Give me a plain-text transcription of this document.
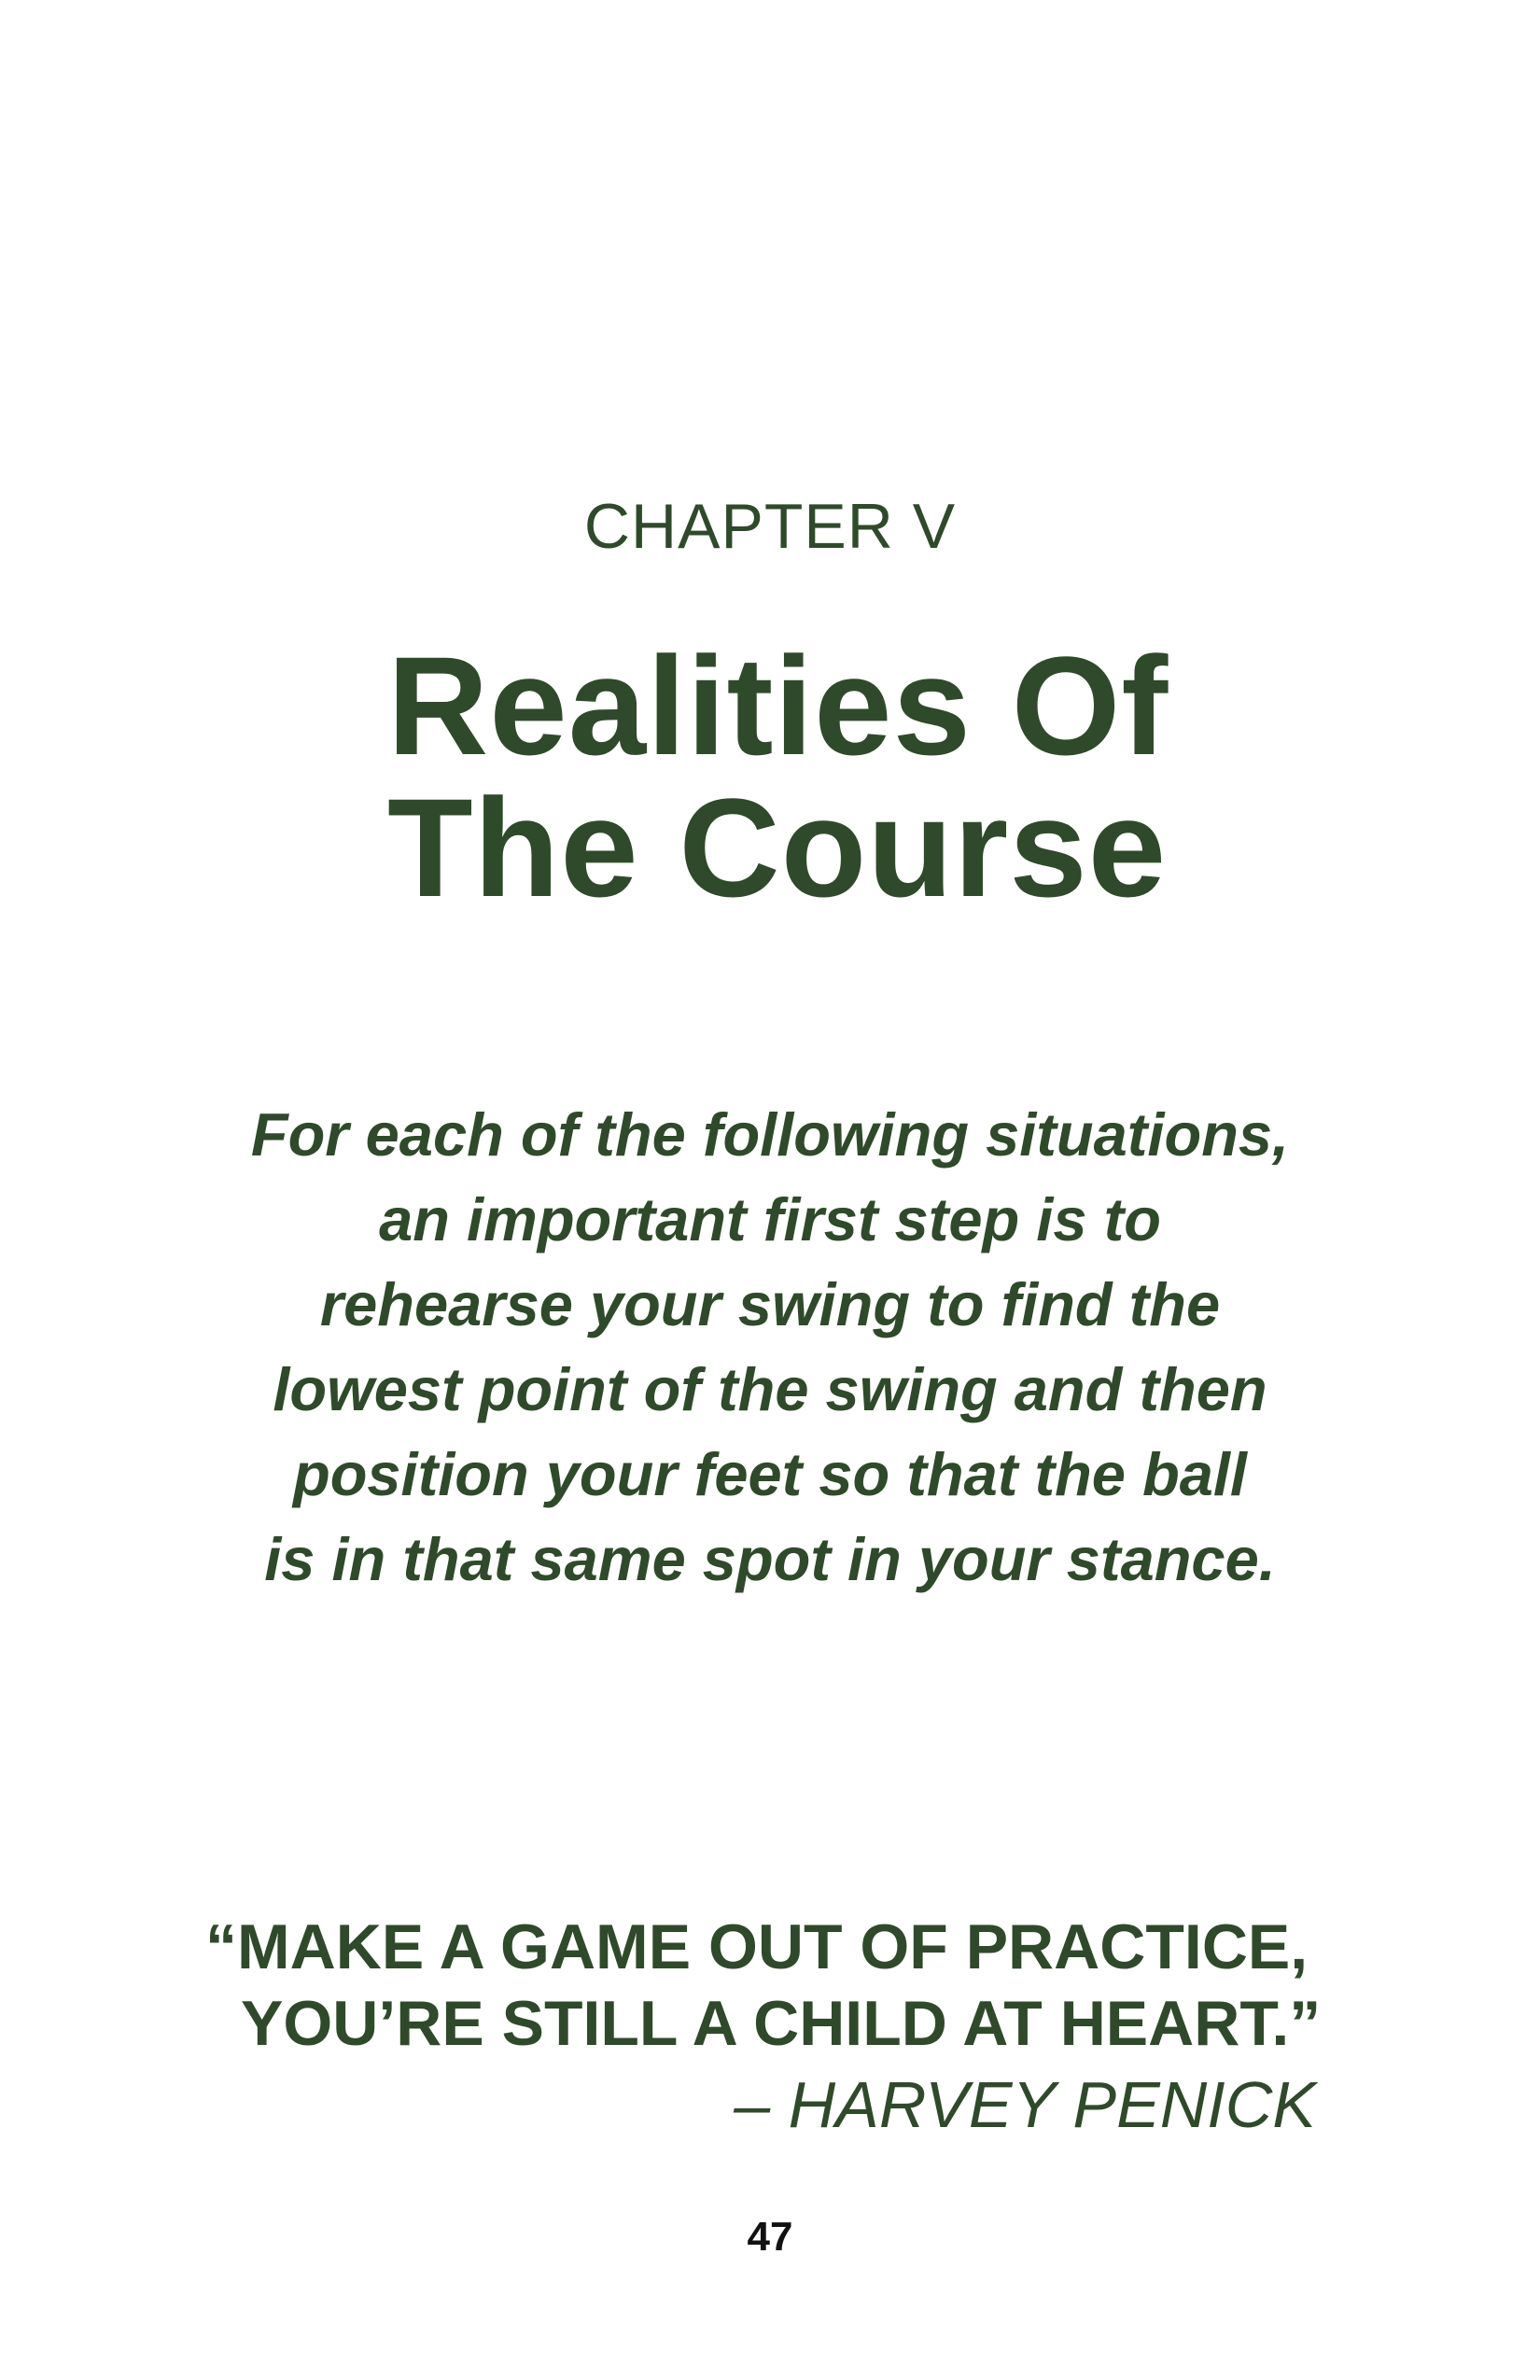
CHAPTER V
Realities Of
The Course
For each of the following situations,
an important first step is to
rehearse your swing to find the
lowest point of the swing and then
position your feet so that the ball
is in that same spot in your stance.
“MAKE A GAME OUT OF PRACTICE,
YOU’RE STILL A CHILD AT HEART.”
– HARVEY PENICK
47
